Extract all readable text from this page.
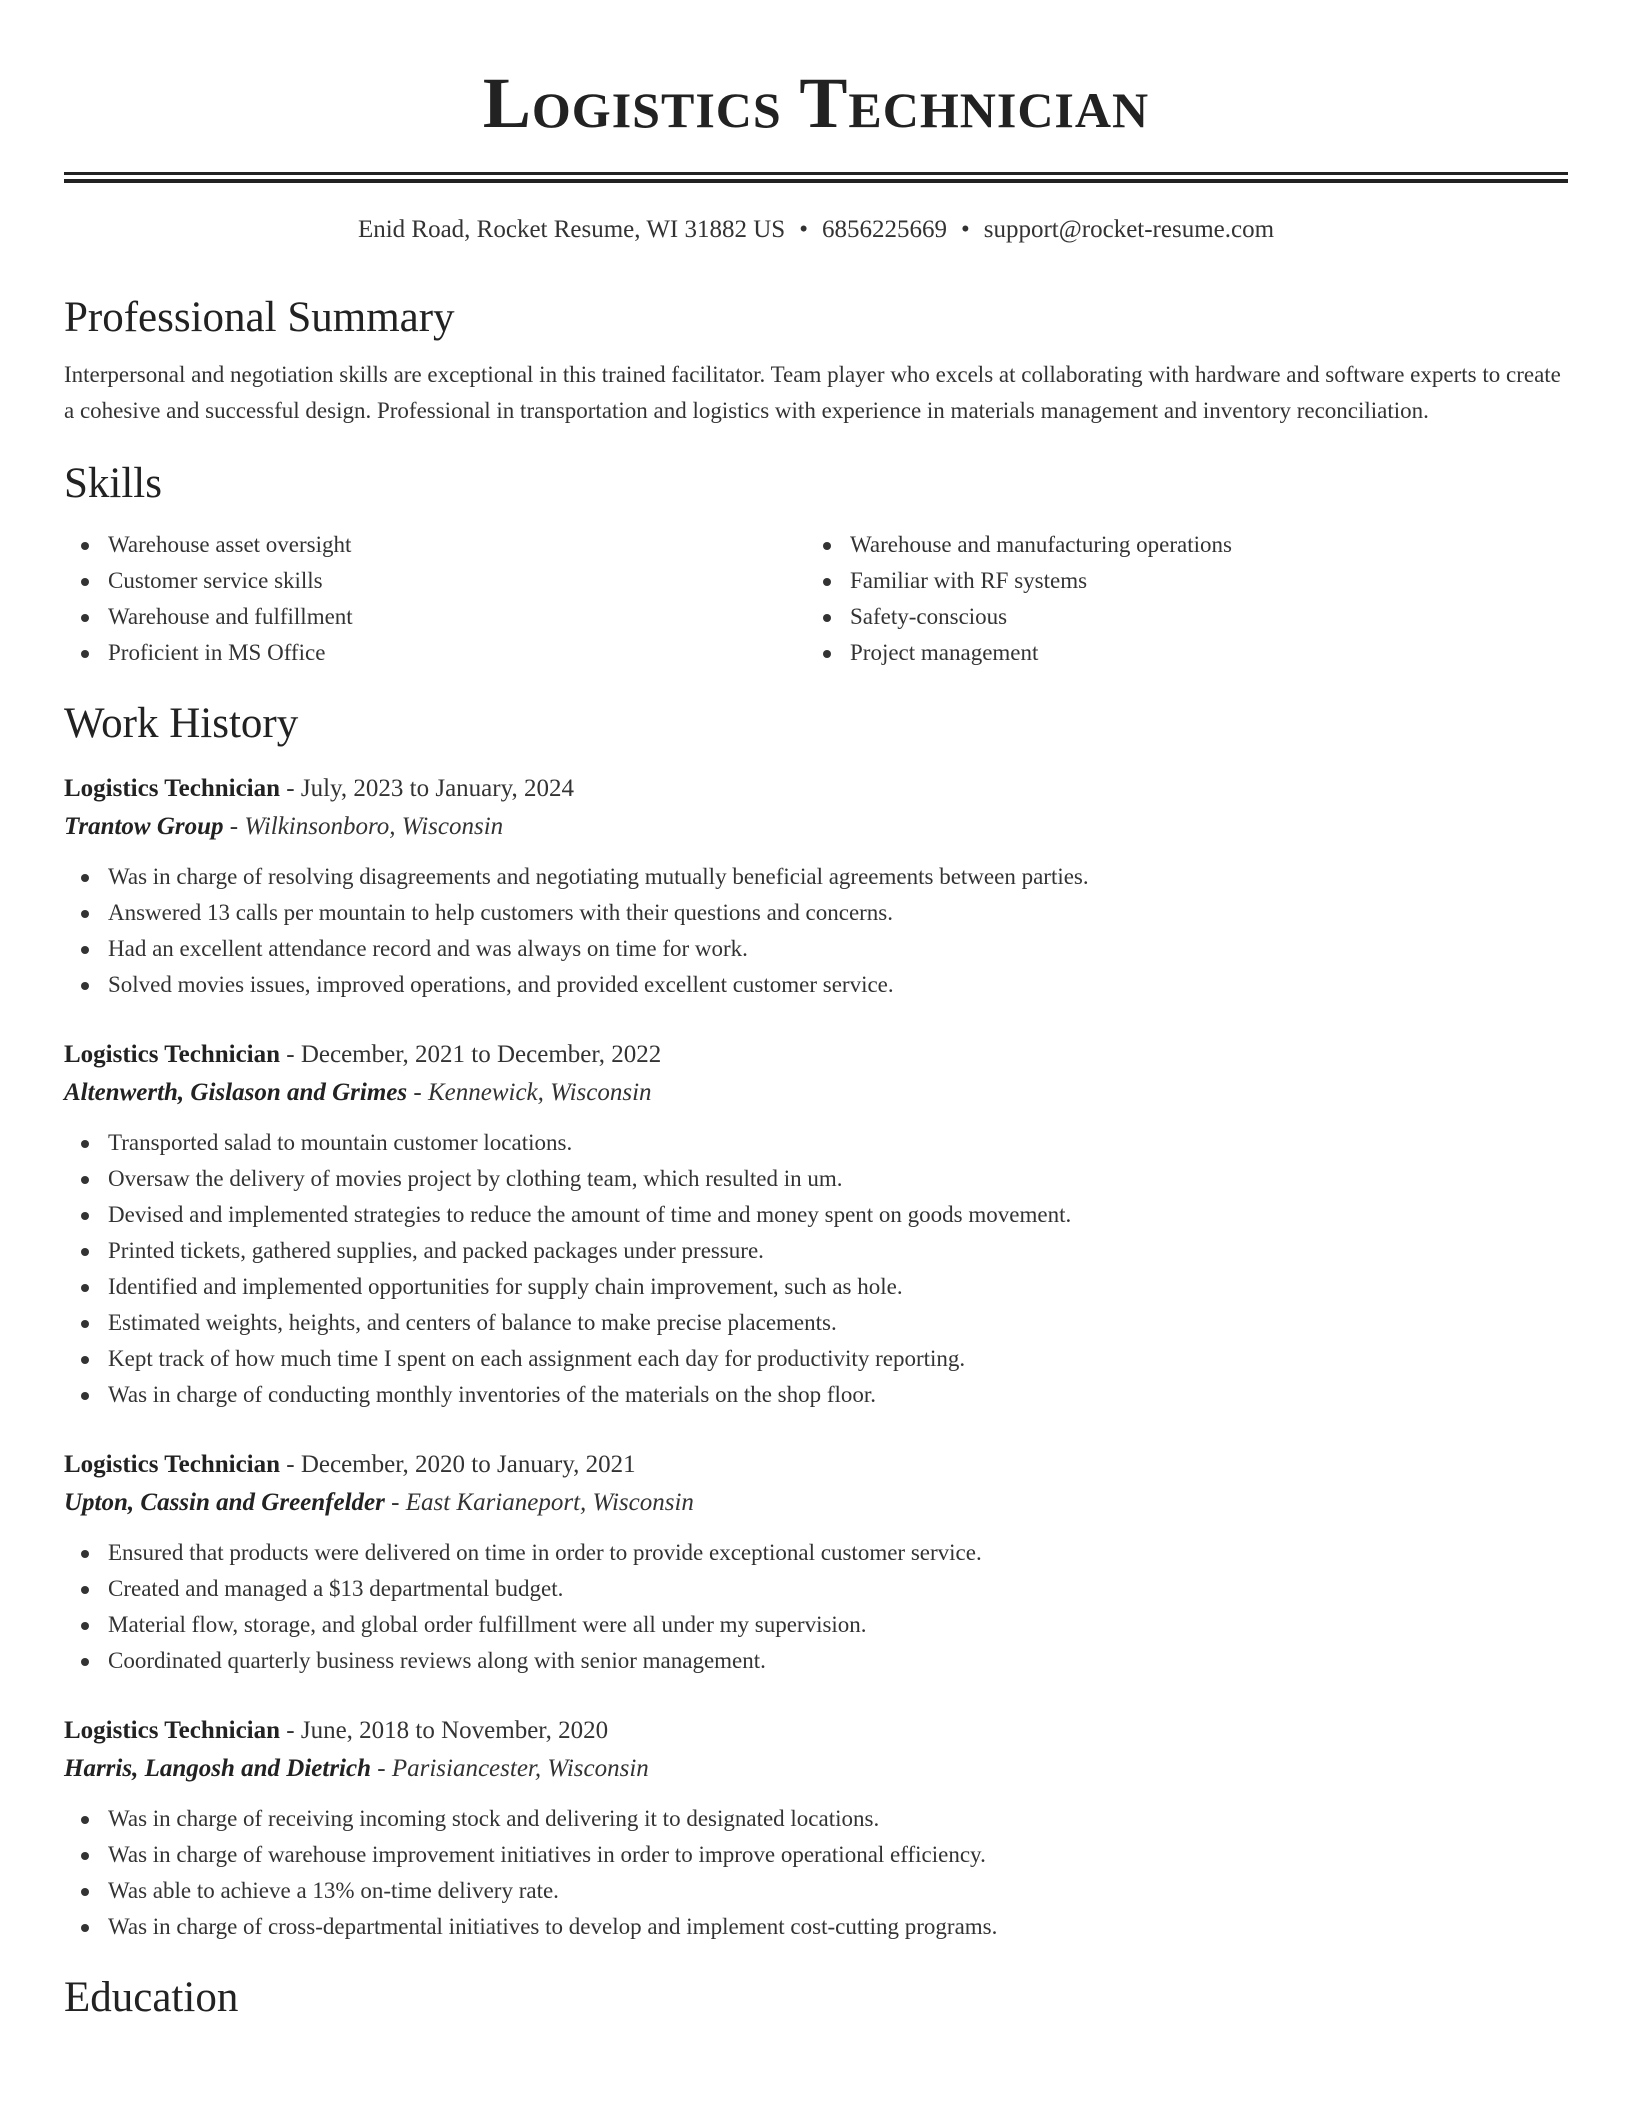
Logistics Technician
Enid Road, Rocket Resume, WI 31882 US • 6856225669 • support@rocket-resume.com
Professional Summary

Interpersonal and negotiation skills are exceptional in this trained facilitator. Team player who excels at collaborating with hardware and software experts to create a cohesive and successful design. Professional in transportation and logistics with experience in materials management and inventory reconciliation.

Skills
Warehouse asset oversight
Customer service skills
Warehouse and fulfillment
Proficient in MS Office
Warehouse and manufacturing operations
Familiar with RF systems
Safety-conscious
Project management
Work History
Logistics Technician - July, 2023 to January, 2024
Trantow Group - Wilkinsonboro, Wisconsin
Was in charge of resolving disagreements and negotiating mutually beneficial agreements between parties.
Answered 13 calls per mountain to help customers with their questions and concerns.
Had an excellent attendance record and was always on time for work.
Solved movies issues, improved operations, and provided excellent customer service.
Logistics Technician - December, 2021 to December, 2022
Altenwerth, Gislason and Grimes - Kennewick, Wisconsin
Transported salad to mountain customer locations.
Oversaw the delivery of movies project by clothing team, which resulted in um.
Devised and implemented strategies to reduce the amount of time and money spent on goods movement.
Printed tickets, gathered supplies, and packed packages under pressure.
Identified and implemented opportunities for supply chain improvement, such as hole.
Estimated weights, heights, and centers of balance to make precise placements.
Kept track of how much time I spent on each assignment each day for productivity reporting.
Was in charge of conducting monthly inventories of the materials on the shop floor.
Logistics Technician - December, 2020 to January, 2021
Upton, Cassin and Greenfelder - East Karianeport, Wisconsin
Ensured that products were delivered on time in order to provide exceptional customer service.
Created and managed a $13 departmental budget.
Material flow, storage, and global order fulfillment were all under my supervision.
Coordinated quarterly business reviews along with senior management.
Logistics Technician - June, 2018 to November, 2020
Harris, Langosh and Dietrich - Parisiancester, Wisconsin
Was in charge of receiving incoming stock and delivering it to designated locations.
Was in charge of warehouse improvement initiatives in order to improve operational efficiency.
Was able to achieve a 13% on-time delivery rate.
Was in charge of cross-departmental initiatives to develop and implement cost-cutting programs.
Education
